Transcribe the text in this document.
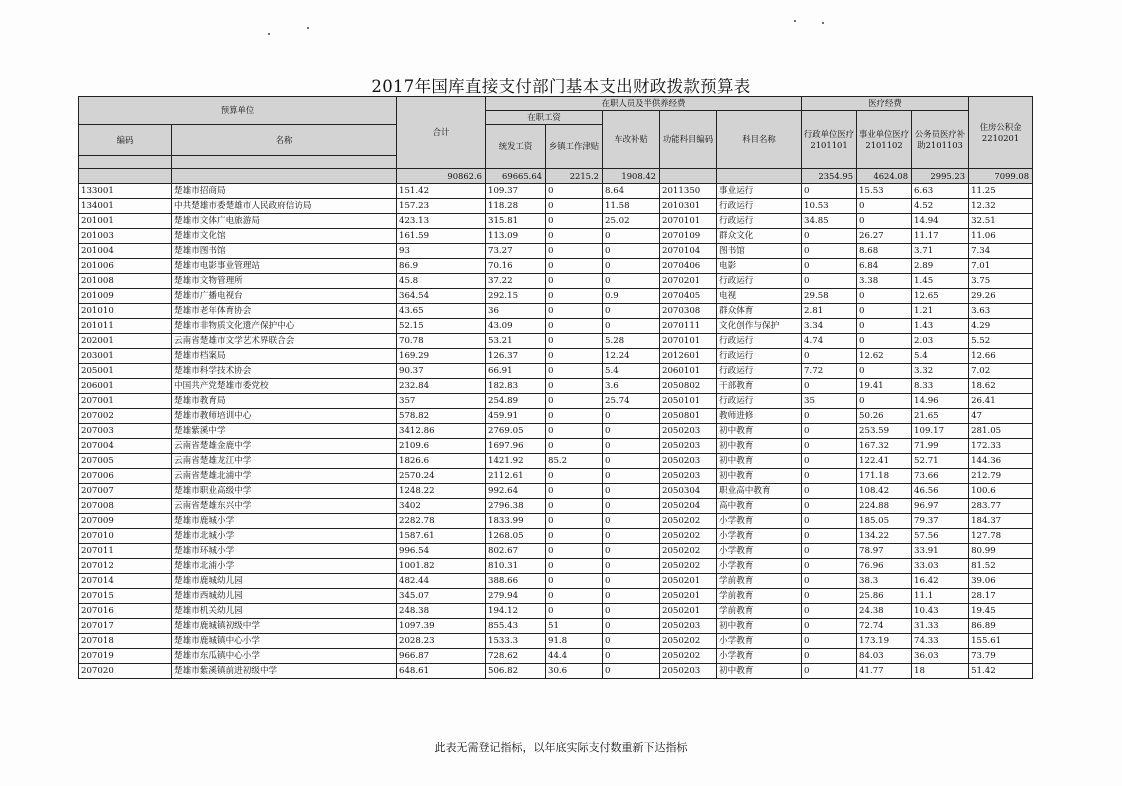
2017年国库直接支付部门基本支出财政拨款预算表
预算单位		合计	在职人员及半供养经费					医疗经费			住房公积金2210201
			在职工资		车改补贴	功能科目编码	科目名称	行政单位医疗2101101	事业单位医疗2101102	公务员医疗补助2101103	
编码	名称		统发工资	乡镇工作津贴							

		90862.6	69665.64	2215.2	1908.42			2354.95	4624.08	2995.23	7099.08
133001	楚雄市招商局	151.42	109.37	0	8.64	2011350	事业运行	0	15.53	6.63	11.25
134001	中共楚雄市委楚雄市人民政府信访局	157.23	118.28	0	11.58	2010301	行政运行	10.53	0	4.52	12.32
201001	楚雄市文体广电旅游局	423.13	315.81	0	25.02	2070101	行政运行	34.85	0	14.94	32.51
201003	楚雄市文化馆	161.59	113.09	0	0	2070109	群众文化	0	26.27	11.17	11.06
201004	楚雄市图书馆	93	73.27	0	0	2070104	图书馆	0	8.68	3.71	7.34
201006	楚雄市电影事业管理站	86.9	70.16	0	0	2070406	电影	0	6.84	2.89	7.01
201008	楚雄市文物管理所	45.8	37.22	0	0	2070201	行政运行	0	3.38	1.45	3.75
201009	楚雄市广播电视台	364.54	292.15	0	0.9	2070405	电视	29.58	0	12.65	29.26
201010	楚雄市老年体育协会	43.65	36	0	0	2070308	群众体育	2.81	0	1.21	3.63
201011	楚雄市非物质文化遗产保护中心	52.15	43.09	0	0	2070111	文化创作与保护	3.34	0	1.43	4.29
202001	云南省楚雄市文学艺术界联合会	70.78	53.21	0	5.28	2070101	行政运行	4.74	0	2.03	5.52
203001	楚雄市档案局	169.29	126.37	0	12.24	2012601	行政运行	0	12.62	5.4	12.66
205001	楚雄市科学技术协会	90.37	66.91	0	5.4	2060101	行政运行	7.72	0	3.32	7.02
206001	中国共产党楚雄市委党校	232.84	182.83	0	3.6	2050802	干部教育	0	19.41	8.33	18.62
207001	楚雄市教育局	357	254.89	0	25.74	2050101	行政运行	35	0	14.96	26.41
207002	楚雄市教师培训中心	578.82	459.91	0	0	2050801	教师进修	0	50.26	21.65	47
207003	楚雄紫溪中学	3412.86	2769.05	0	0	2050203	初中教育	0	253.59	109.17	281.05
207004	云南省楚雄金鹿中学	2109.6	1697.96	0	0	2050203	初中教育	0	167.32	71.99	172.33
207005	云南省楚雄龙江中学	1826.6	1421.92	85.2	0	2050203	初中教育	0	122.41	52.71	144.36
207006	云南省楚雄北浦中学	2570.24	2112.61	0	0	2050203	初中教育	0	171.18	73.66	212.79
207007	楚雄市职业高级中学	1248.22	992.64	0	0	2050304	职业高中教育	0	108.42	46.56	100.6
207008	云南省楚雄东兴中学	3402	2796.38	0	0	2050204	高中教育	0	224.88	96.97	283.77
207009	楚雄市鹿城小学	2282.78	1833.99	0	0	2050202	小学教育	0	185.05	79.37	184.37
207010	楚雄市北城小学	1587.61	1268.05	0	0	2050202	小学教育	0	134.22	57.56	127.78
207011	楚雄市环城小学	996.54	802.67	0	0	2050202	小学教育	0	78.97	33.91	80.99
207012	楚雄市北浦小学	1001.82	810.31	0	0	2050202	小学教育	0	76.96	33.03	81.52
207014	楚雄市鹿城幼儿园	482.44	388.66	0	0	2050201	学前教育	0	38.3	16.42	39.06
207015	楚雄市西城幼儿园	345.07	279.94	0	0	2050201	学前教育	0	25.86	11.1	28.17
207016	楚雄市机关幼儿园	248.38	194.12	0	0	2050201	学前教育	0	24.38	10.43	19.45
207017	楚雄市鹿城镇初级中学	1097.39	855.43	51	0	2050203	初中教育	0	72.74	31.33	86.89
207018	楚雄市鹿城镇中心小学	2028.23	1533.3	91.8	0	2050202	小学教育	0	173.19	74.33	155.61
207019	楚雄市东瓜镇中心小学	966.87	728.62	44.4	0	2050202	小学教育	0	84.03	36.03	73.79
207020	楚雄市紫溪镇前进初级中学	648.61	506.82	30.6	0	2050203	初中教育	0	41.77	18	51.42
此表无需登记指标，以年底实际支付数重新下达指标
